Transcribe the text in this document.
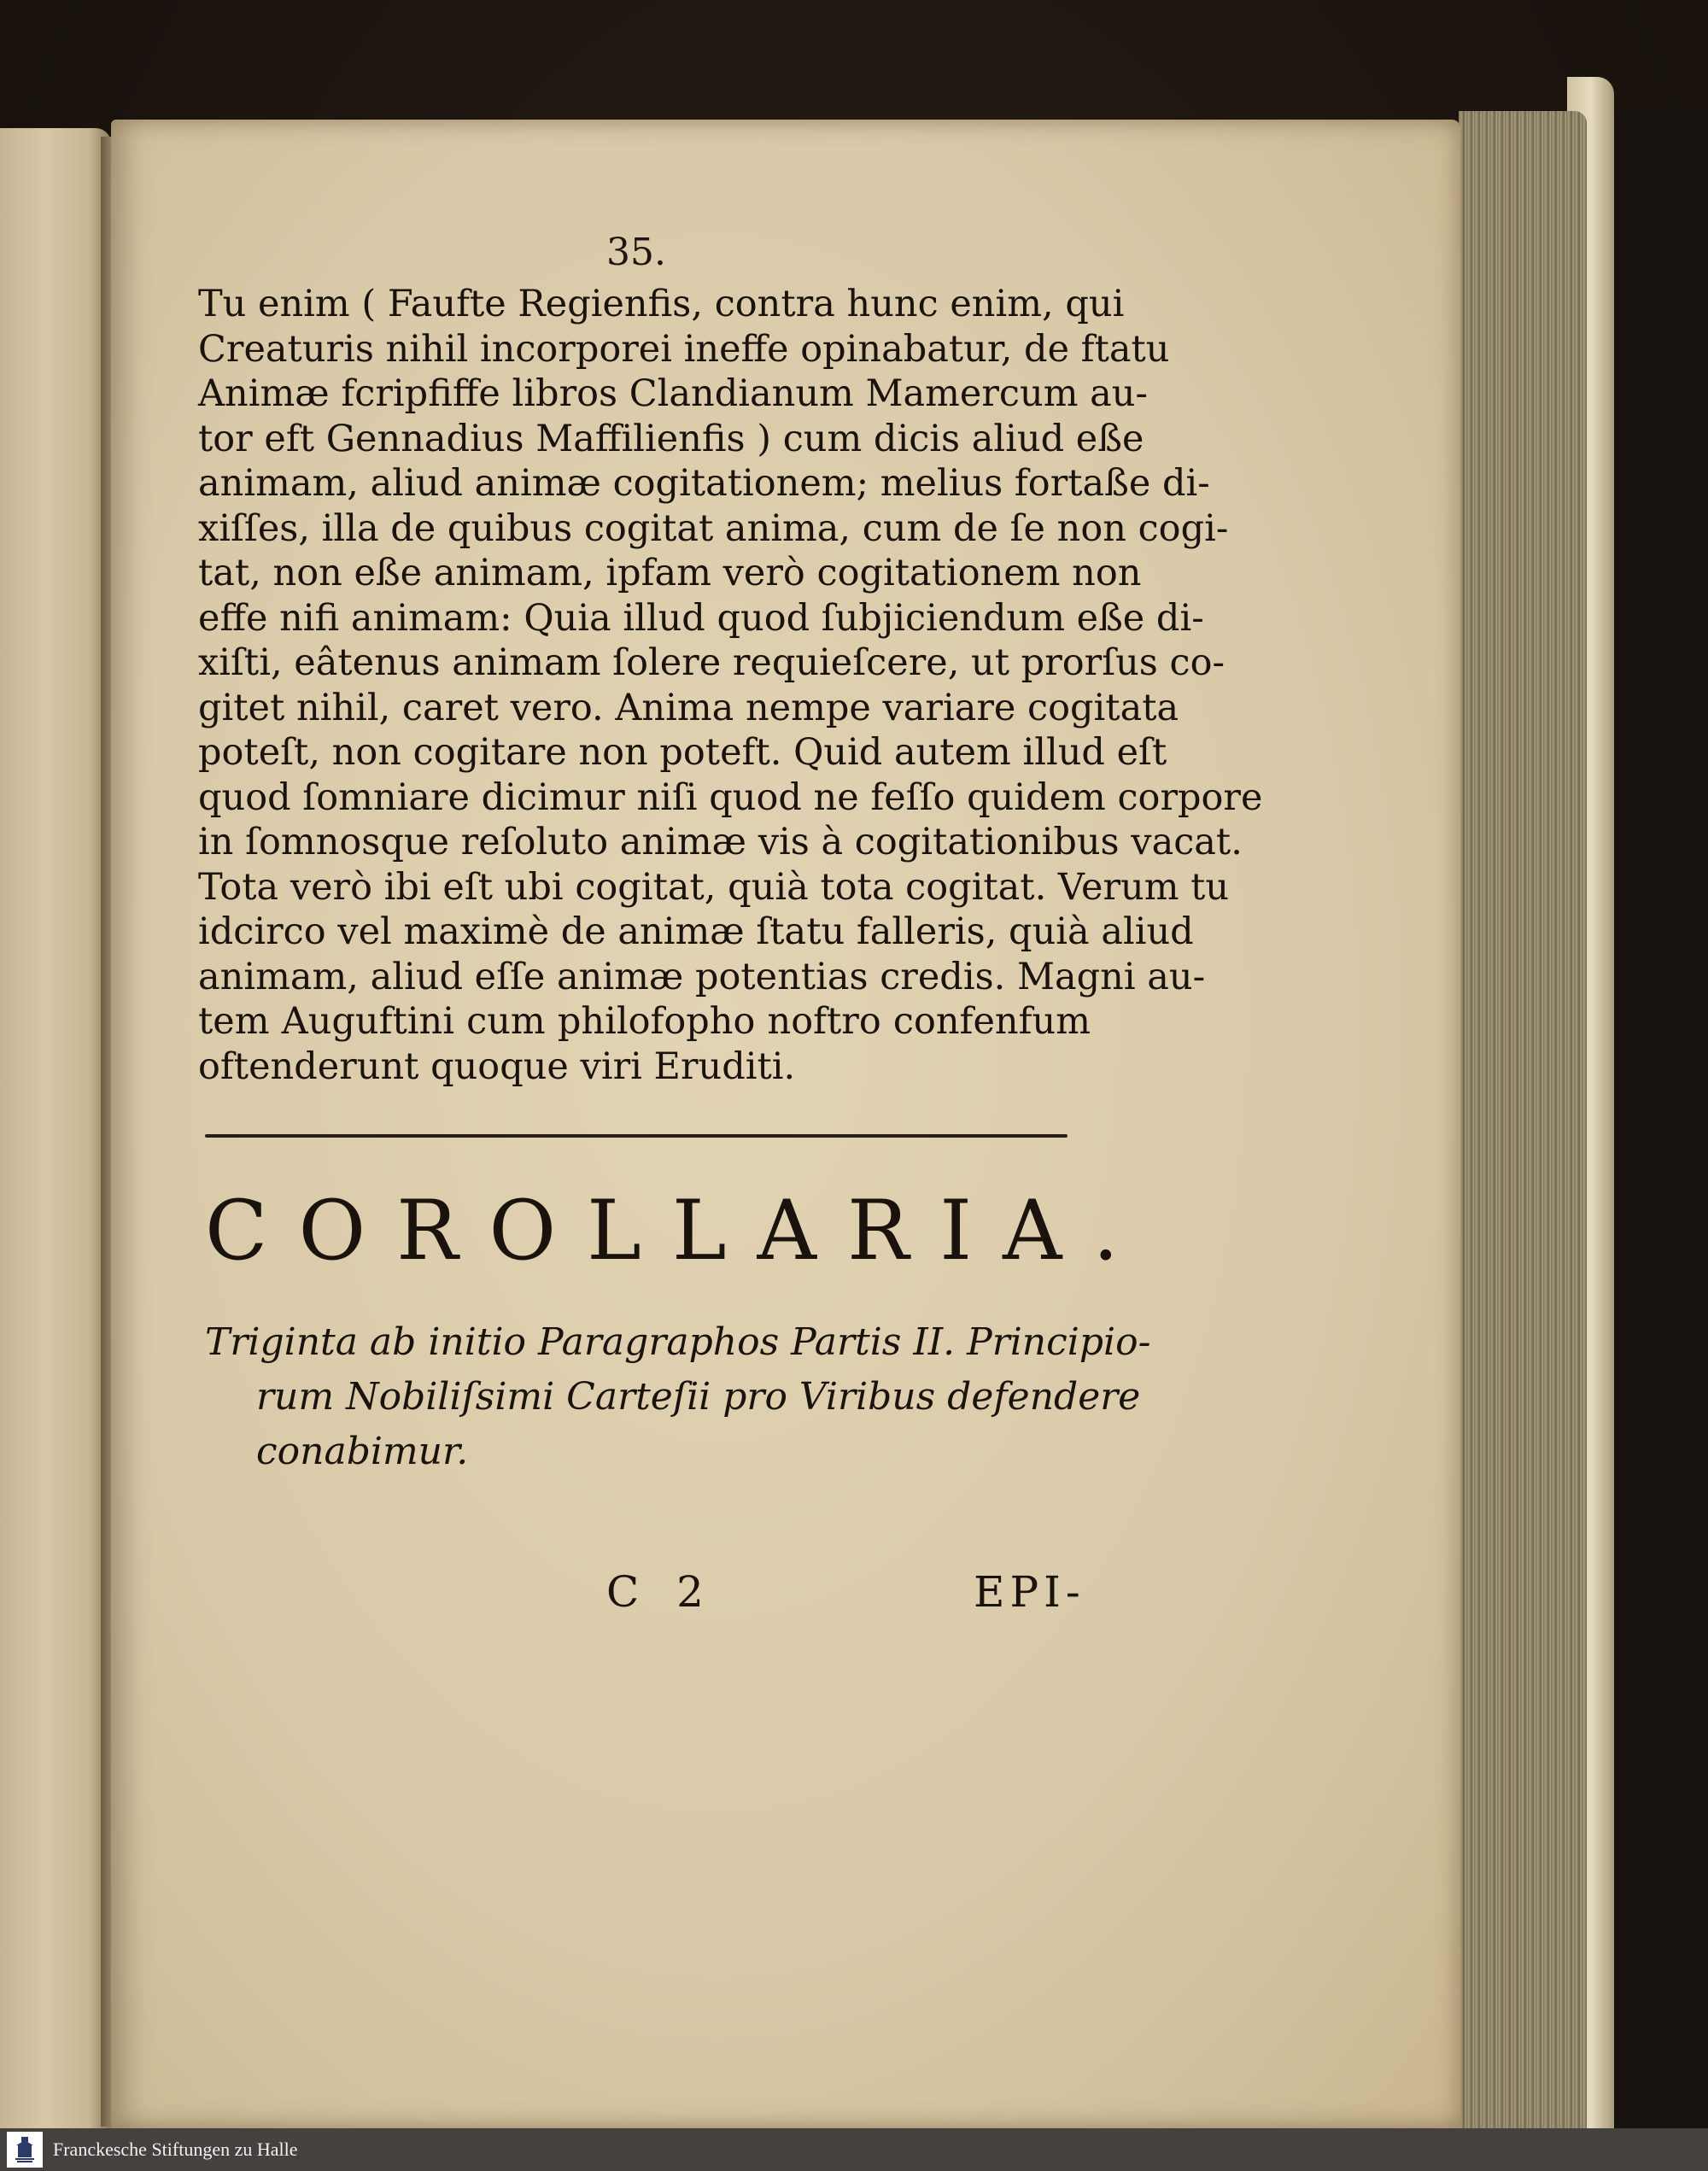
35.
Tu enim ( Faufte Regienfis, contra hunc enim, qui
Creaturis nihil incorporei ineffe opinabatur, de ftatu
Animæ fcripfiffe libros Clandianum Mamercum au-
tor eft Gennadius Maffilienfis ) cum dicis aliud eße
animam, aliud animæ cogitationem; melius fortaße di-
xiſſes, illa de quibus cogitat anima, cum de ſe non cogi-
tat, non eße animam, ipfam verò cogitationem non
effe nifi animam: Quia illud quod ſubjiciendum eße di-
xiſti, eâtenus animam ſolere requieſcere, ut prorſus co-
gitet nihil, caret vero. Anima nempe variare cogitata
poteſt, non cogitare non poteft. Quid autem illud eſt
quod ſomniare dicimur niſi quod ne feſſo quidem corpore
in ſomnosque reſoluto animæ vis à cogitationibus vacat.
Tota verò ibi eſt ubi cogitat, quià tota cogitat. Verum tu
idcirco vel maximè de animæ ſtatu falleris, quià aliud
animam, aliud eſſe animæ potentias credis. Magni au-
tem Auguftini cum philofopho noftro confenfum
oftenderunt quoque viri Eruditi.
COROLLARIA.
Triginta ab initio Paragraphos Partis II. Principio-
rum Nobiliſsimi Carteſii pro Viribus defendere
conabimur.
C 2	EPI-
Franckesche Stiftungen zu Halle
